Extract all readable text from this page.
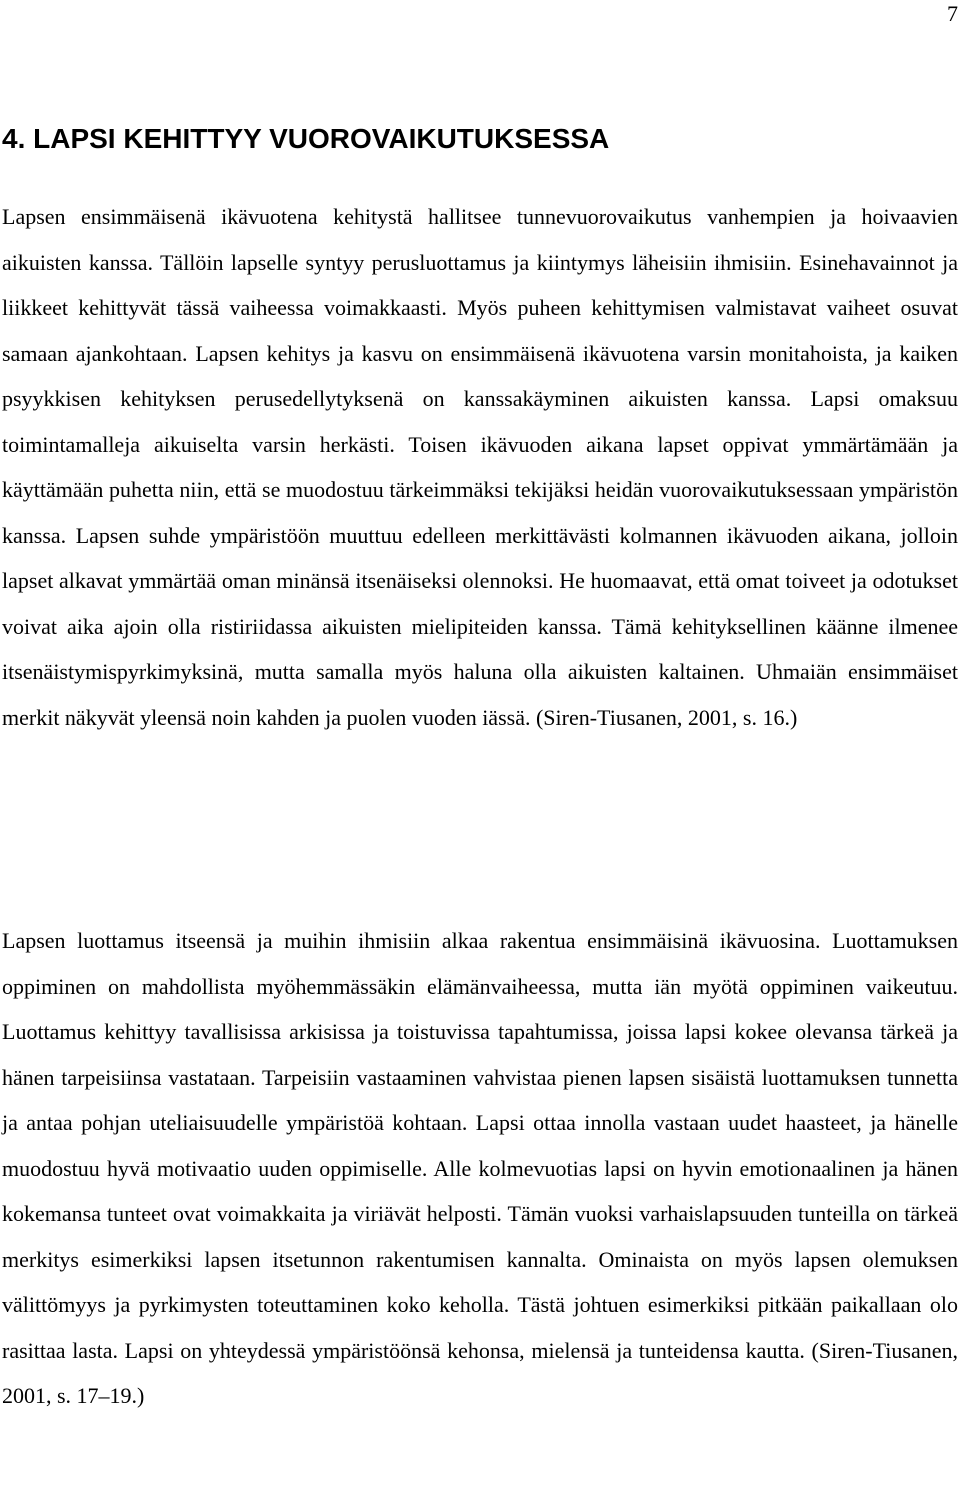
7

4. LAPSI KEHITTYY VUOROVAIKUTUKSESSA

Lapsen ensimmäisenä ikävuotena kehitystä hallitsee tunnevuorovaikutus vanhempien ja hoivaavien aikuisten kanssa. Tällöin lapselle syntyy perusluottamus ja kiintymys läheisiin ihmisiin. Esinehavainnot ja liikkeet kehittyvät tässä vaiheessa voimakkaasti. Myös puheen kehittymisen valmistavat vaiheet osuvat samaan ajankohtaan. Lapsen kehitys ja kasvu on ensimmäisenä ikävuotena varsin monitahoista, ja kaiken psyykkisen kehityksen perusedellytyksenä on kanssakäyminen aikuisten kanssa. Lapsi omaksuu toimintamalleja aikuiselta varsin herkästi. Toisen ikävuoden aikana lapset oppivat ymmärtämään ja käyttämään puhetta niin, että se muodostuu tärkeimmäksi tekijäksi heidän vuorovaikutuksessaan ympäristön kanssa. Lapsen suhde ympäristöön muuttuu edelleen merkittävästi kolmannen ikävuoden aikana, jolloin lapset alkavat ymmärtää oman minänsä itsenäiseksi olennoksi. He huomaavat, että omat toiveet ja odotukset voivat aika ajoin olla ristiriidassa aikuisten mielipiteiden kanssa. Tämä kehityksellinen käänne ilmenee itsenäistymispyrkimyksinä, mutta samalla myös haluna olla aikuisten kaltainen. Uhmaiän ensimmäiset merkit näkyvät yleensä noin kahden ja puolen vuoden iässä. (Siren-Tiusanen, 2001, s. 16.)

Lapsen luottamus itseensä ja muihin ihmisiin alkaa rakentua ensimmäisinä ikävuosina. Luottamuksen oppiminen on mahdollista myöhemmässäkin elämänvaiheessa, mutta iän myötä oppiminen vaikeutuu. Luottamus kehittyy tavallisissa arkisissa ja toistuvissa tapahtumissa, joissa lapsi kokee olevansa tärkeä ja hänen tarpeisiinsa vastataan. Tarpeisiin vastaaminen vahvistaa pienen lapsen sisäistä luottamuksen tunnetta ja antaa pohjan uteliaisuudelle ympäristöä kohtaan. Lapsi ottaa innolla vastaan uudet haasteet, ja hänelle muodostuu hyvä motivaatio uuden oppimiselle. Alle kolmevuotias lapsi on hyvin emotionaalinen ja hänen kokemansa tunteet ovat voimakkaita ja viriävät helposti. Tämän vuoksi varhaislapsuuden tunteilla on tärkeä merkitys esimerkiksi lapsen itsetunnon rakentumisen kannalta. Ominaista on myös lapsen olemuksen välittömyys ja pyrkimysten toteuttaminen koko keholla. Tästä johtuen esimerkiksi pitkään paikallaan olo rasittaa lasta. Lapsi on yhteydessä ympäristöönsä kehonsa, mielensä ja tunteidensa kautta. (Siren-Tiusanen, 2001, s. 17–19.)
